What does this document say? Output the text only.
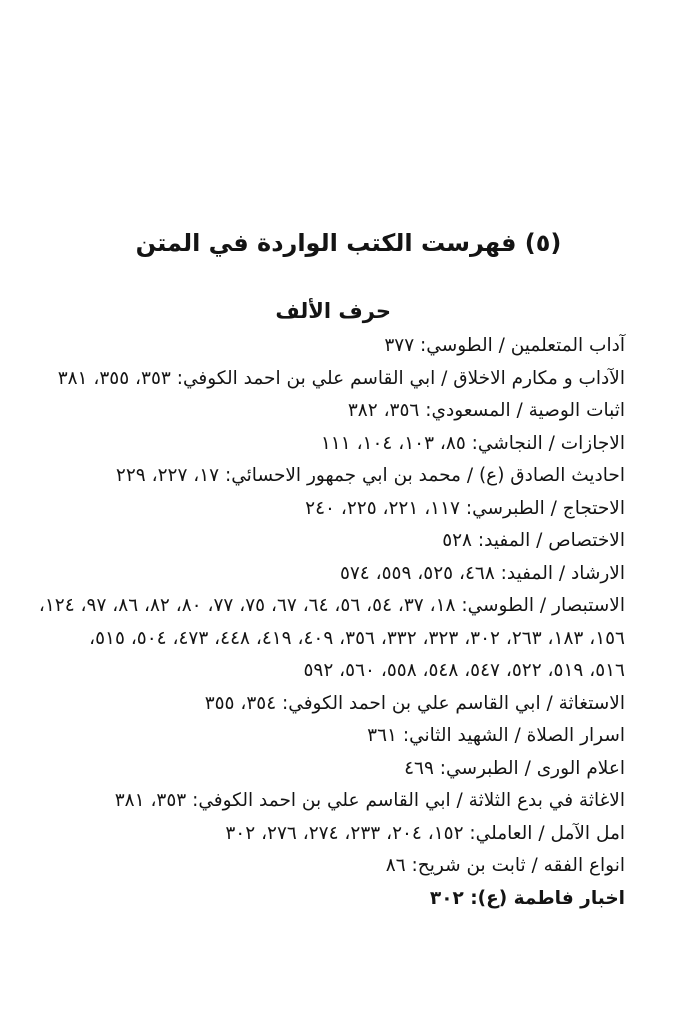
(٥) فهرست الكتب الواردة في المتن
حرف الألف
آداب المتعلمين / الطوسي: ٣٧٧
الآداب و مكارم الاخلاق / ابي القاسم علي بن احمد الكوفي: ٣٥٣، ٣٥٥، ٣٨١
اثبات الوصية / المسعودي: ٣٥٦، ٣٨٢
الاجازات / النجاشي: ٨٥، ١٠٣، ١٠٤، ١١١
احاديث الصادق (ع) / محمد بن ابي جمهور الاحسائي: ١٧، ٢٢٧، ٢٢٩
الاحتجاج / الطبرسي: ١١٧، ٢٢١، ٢٢٥، ٢٤٠
الاختصاص / المفيد: ٥٢٨
الارشاد / المفيد: ٤٦٨، ٥٢٥، ٥٥٩، ٥٧٤
الاستبصار / الطوسي: ١٨، ٣٧، ٥٤، ٥٦، ٦٤، ٦٧، ٧٥، ٧٧، ٨٠، ٨٢، ٨٦، ٩٧، ١٢٤،
١٥٦، ١٨٣، ٢٦٣، ٣٠٢، ٣٢٣، ٣٣٢، ٣٥٦، ٤٠٩، ٤١٩، ٤٤٨، ٤٧٣، ٥٠٤، ٥١٥،
٥١٦، ٥١٩، ٥٢٢، ٥٤٧، ٥٤٨، ٥٥٨، ٥٦٠، ٥٩٢
الاستغاثة / ابي القاسم علي بن احمد الكوفي: ٣٥٤، ٣٥٥
اسرار الصلاة / الشهيد الثاني: ٣٦١
اعلام الورى / الطبرسي: ٤٦٩
الاغاثة في بدع الثلاثة / ابي القاسم علي بن احمد الكوفي: ٣٥٣، ٣٨١
امل الآمل / العاملي: ١٥٢، ٢٠٤، ٢٣٣، ٢٧٤، ٢٧٦، ٣٠٢
انواع الفقه / ثابت بن شريح: ٨٦
اخبار فاطمة (ع): ٣٠٢
